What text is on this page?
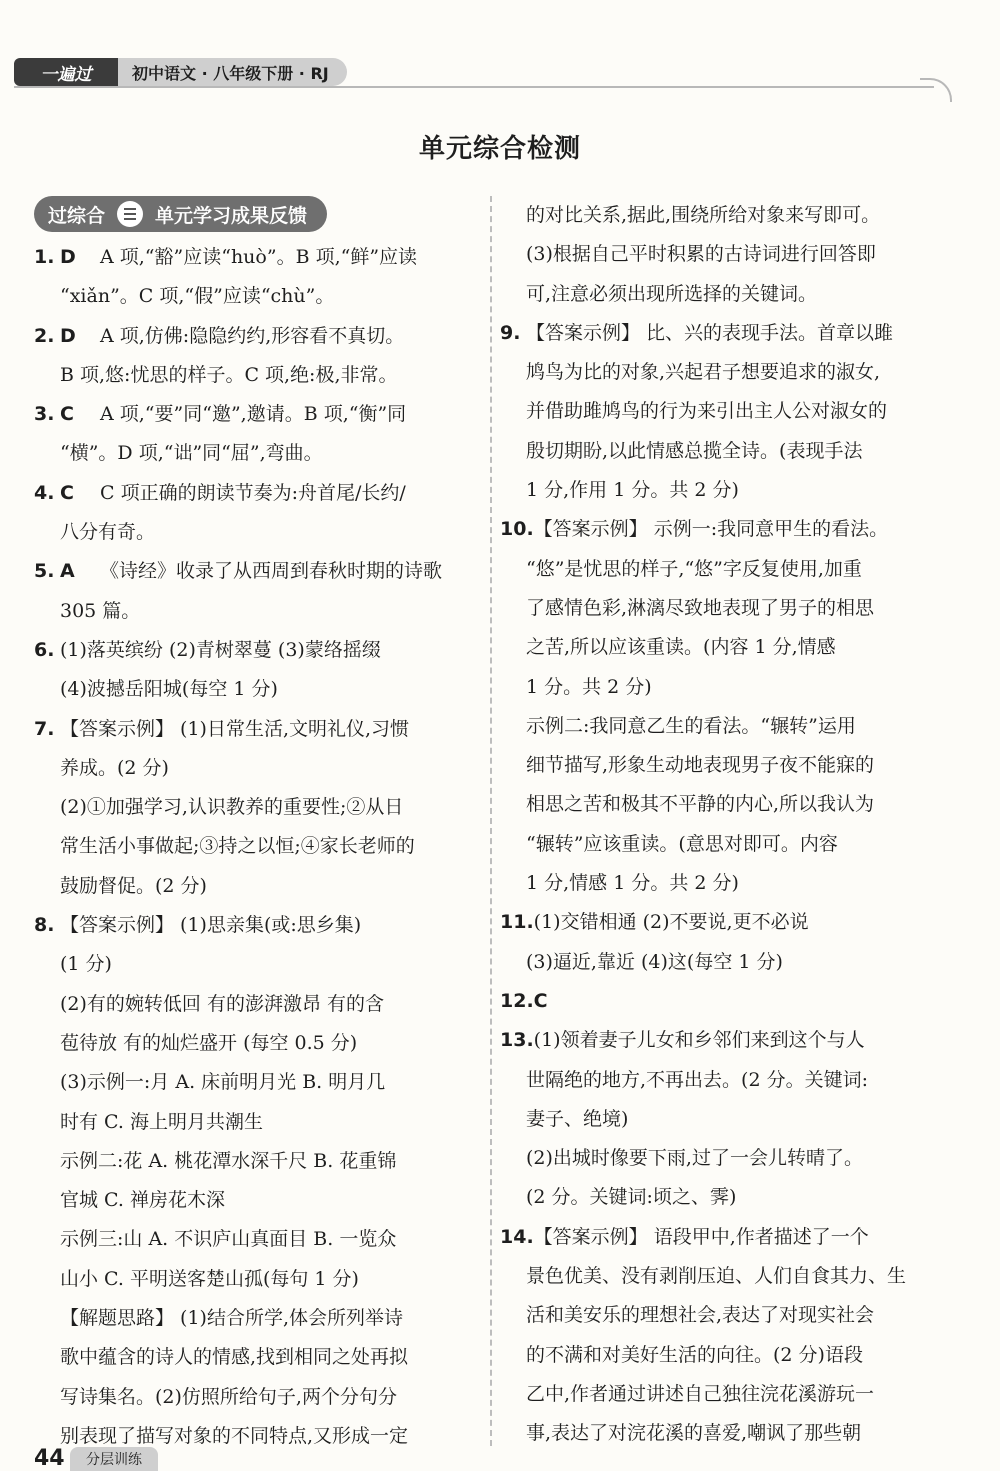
一遍过	初中语文 · 八年级下册 · RJ
单元综合检测
过综合	单元学习成果反馈
1. D A 项,“豁”应读“huò”。B 项,“鲜”应读
“xiǎn”。C 项,“假”应读“chù”。
2. D A 项,仿佛:隐隐约约,形容看不真切。
B 项,悠:忧思的样子。C 项,绝:极,非常。
3. C A 项,“要”同“邀”,邀请。B 项,“衡”同
“横”。D 项,“诎”同“屈”,弯曲。
4. C C 项正确的朗读节奏为:舟首尾/长约/
八分有奇。
5. A 《诗经》收录了从西周到春秋时期的诗歌
305 篇。
6. (1)落英缤纷 (2)青树翠蔓 (3)蒙络摇缀
(4)波撼岳阳城(每空 1 分)
7. 【答案示例】 (1)日常生活,文明礼仪,习惯
养成。(2 分)
(2)①加强学习,认识教养的重要性;②从日
常生活小事做起;③持之以恒;④家长老师的
鼓励督促。(2 分)
8. 【答案示例】 (1)思亲集(或:思乡集)
(1 分)
(2)有的婉转低回 有的澎湃激昂 有的含
苞待放 有的灿烂盛开 (每空 0.5 分)
(3)示例一:月 A. 床前明月光 B. 明月几
时有 C. 海上明月共潮生
示例二:花 A. 桃花潭水深千尺 B. 花重锦
官城 C. 禅房花木深
示例三:山 A. 不识庐山真面目 B. 一览众
山小 C. 平明送客楚山孤(每句 1 分)
【解题思路】 (1)结合所学,体会所列举诗
歌中蕴含的诗人的情感,找到相同之处再拟
写诗集名。(2)仿照所给句子,两个分句分
别表现了描写对象的不同特点,又形成一定
的对比关系,据此,围绕所给对象来写即可。
(3)根据自己平时积累的古诗词进行回答即
可,注意必须出现所选择的关键词。
9. 【答案示例】 比、兴的表现手法。首章以雎
鸠鸟为比的对象,兴起君子想要追求的淑女,
并借助雎鸠鸟的行为来引出主人公对淑女的
殷切期盼,以此情感总揽全诗。(表现手法
1 分,作用 1 分。共 2 分)
10.【答案示例】 示例一:我同意甲生的看法。
“悠”是忧思的样子,“悠”字反复使用,加重
了感情色彩,淋漓尽致地表现了男子的相思
之苦,所以应该重读。(内容 1 分,情感
1 分。共 2 分)
示例二:我同意乙生的看法。“辗转”运用
细节描写,形象生动地表现男子夜不能寐的
相思之苦和极其不平静的内心,所以我认为
“辗转”应该重读。(意思对即可。内容
1 分,情感 1 分。共 2 分)
11.(1)交错相通 (2)不要说,更不必说
(3)逼近,靠近 (4)这(每空 1 分)
12.C
13.(1)领着妻子儿女和乡邻们来到这个与人
世隔绝的地方,不再出去。(2 分。关键词:
妻子、绝境)
(2)出城时像要下雨,过了一会儿转晴了。
(2 分。关键词:顷之、霁)
14.【答案示例】 语段甲中,作者描述了一个
景色优美、没有剥削压迫、人们自食其力、生
活和美安乐的理想社会,表达了对现实社会
的不满和对美好生活的向往。(2 分)语段
乙中,作者通过讲述自己独往浣花溪游玩一
事,表达了对浣花溪的喜爱,嘲讽了那些朝
44	分层训练
